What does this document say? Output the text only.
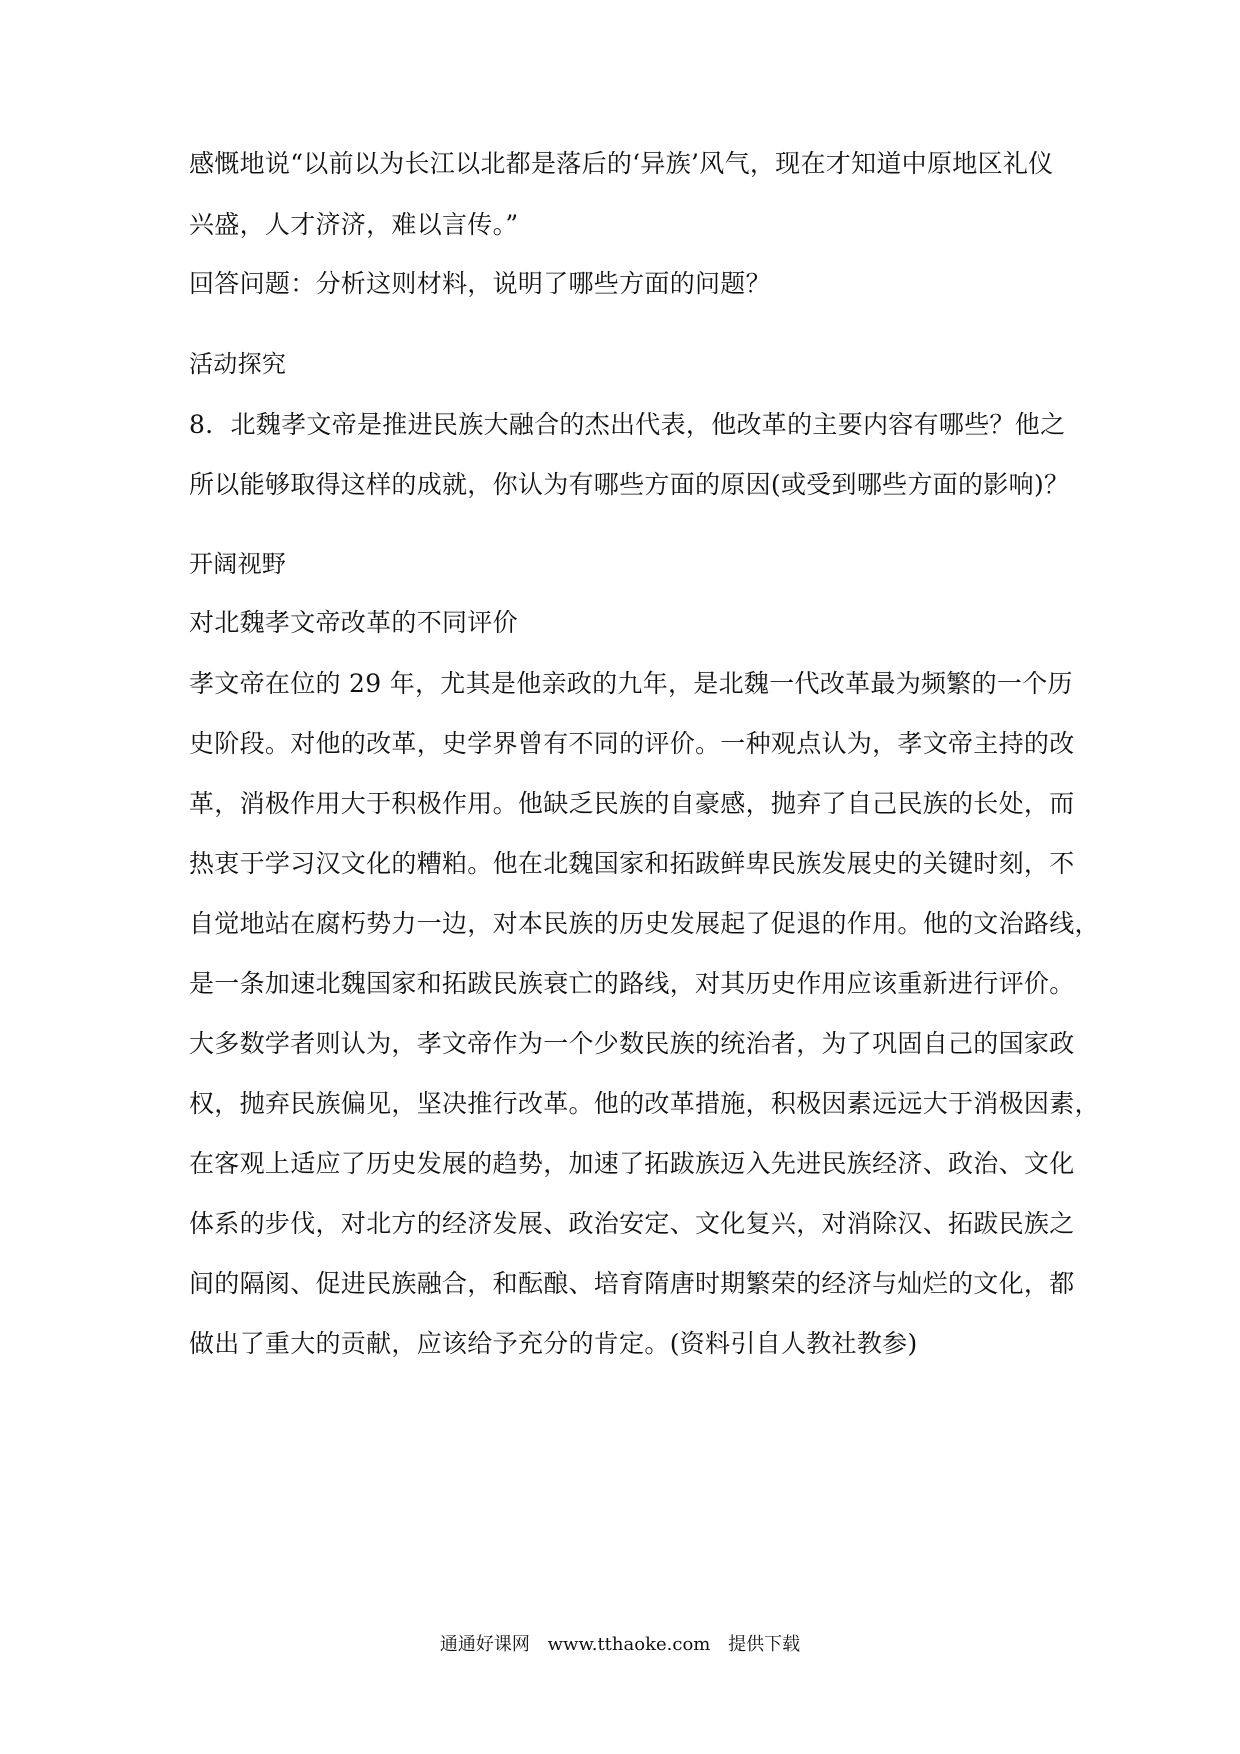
感慨地说“以前以为长江以北都是落后的‘异族’风气，现在才知道中原地区礼仪
兴盛，人才济济，难以言传。”
回答问题：分析这则材料，说明了哪些方面的问题？
活动探究
8．北魏孝文帝是推进民族大融合的杰出代表，他改革的主要内容有哪些？他之
所以能够取得这样的成就，你认为有哪些方面的原因(或受到哪些方面的影响)？
开阔视野
对北魏孝文帝改革的不同评价
孝文帝在位的 29 年，尤其是他亲政的九年，是北魏一代改革最为频繁的一个历
史阶段。对他的改革，史学界曾有不同的评价。一种观点认为，孝文帝主持的改
革，消极作用大于积极作用。他缺乏民族的自豪感，抛弃了自己民族的长处，而
热衷于学习汉文化的糟粕。他在北魏国家和拓跋鲜卑民族发展史的关键时刻，不
自觉地站在腐朽势力一边，对本民族的历史发展起了促退的作用。他的文治路线，
是一条加速北魏国家和拓跋民族衰亡的路线，对其历史作用应该重新进行评价。
大多数学者则认为，孝文帝作为一个少数民族的统治者，为了巩固自己的国家政
权，抛弃民族偏见，坚决推行改革。他的改革措施，积极因素远远大于消极因素，
在客观上适应了历史发展的趋势，加速了拓跋族迈入先进民族经济、政治、文化
体系的步伐，对北方的经济发展、政治安定、文化复兴，对消除汉、拓跋民族之
间的隔阂、促进民族融合，和酝酿、培育隋唐时期繁荣的经济与灿烂的文化，都
做出了重大的贡献，应该给予充分的肯定。(资料引自人教社教参)
通通好课网 www.tthaoke.com 提供下载
